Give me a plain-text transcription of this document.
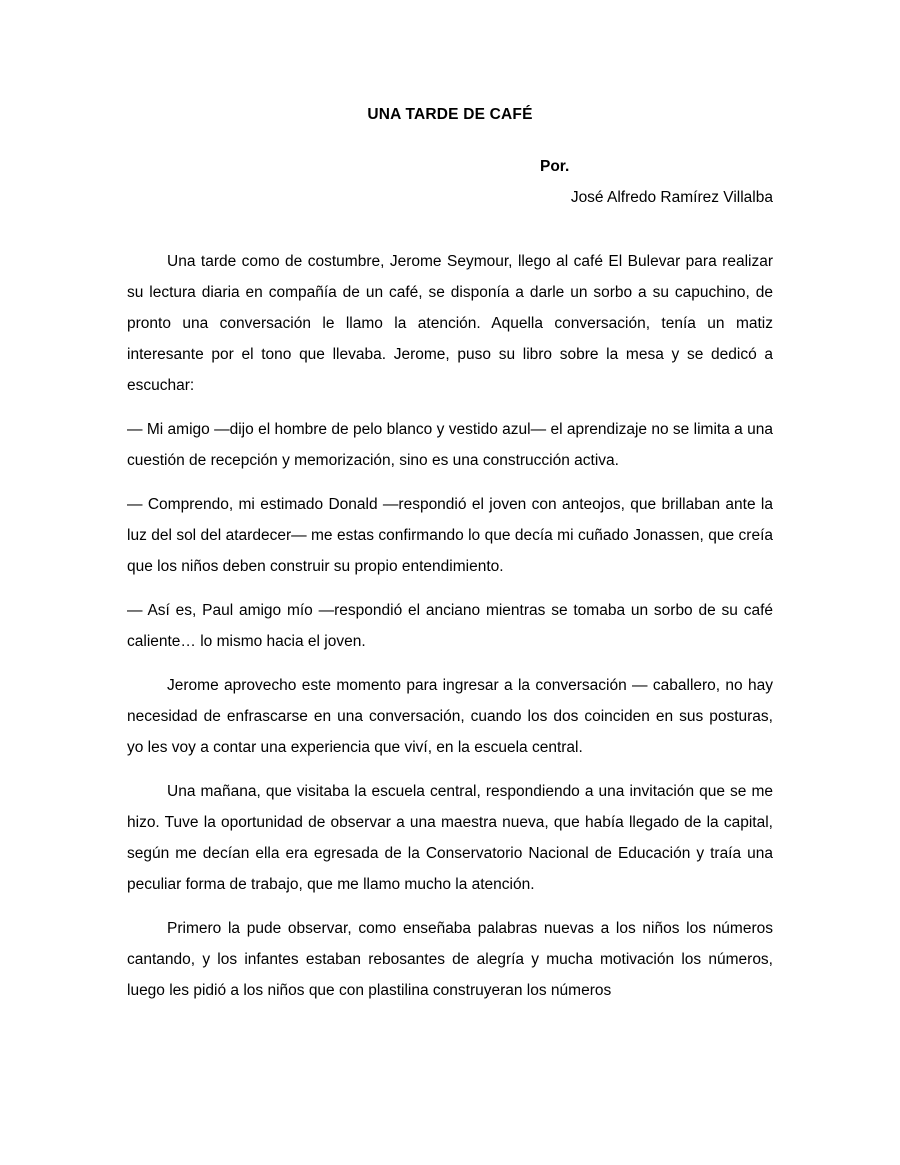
UNA TARDE DE CAFÉ

Por.

José Alfredo Ramírez Villalba

Una tarde como de costumbre, Jerome Seymour, llego al café El Bulevar para realizar su lectura diaria en compañía de un café, se disponía a darle un sorbo a su capuchino, de pronto una conversación le llamo la atención. Aquella conversación, tenía un matiz interesante por el tono que llevaba. Jerome, puso su libro sobre la mesa y se dedicó a escuchar:

— Mi amigo —dijo el hombre de pelo blanco y vestido azul— el aprendizaje no se limita a una cuestión de recepción y memorización, sino es una construcción activa.

— Comprendo, mi estimado Donald —respondió el joven con anteojos, que brillaban ante la luz del sol del atardecer— me estas confirmando lo que decía mi cuñado Jonassen, que creía que los niños deben construir su propio entendimiento.

— Así es, Paul amigo mío —respondió el anciano mientras se tomaba un sorbo de su café caliente… lo mismo hacia el joven.

Jerome aprovecho este momento para ingresar a la conversación — caballero, no hay necesidad de enfrascarse en una conversación, cuando los dos coinciden en sus posturas, yo les voy a contar una experiencia que viví, en la escuela central.

Una mañana, que visitaba la escuela central, respondiendo a una invitación que se me hizo. Tuve la oportunidad de observar a una maestra nueva, que había llegado de la capital, según me decían ella era egresada de la Conservatorio Nacional de Educación y traía una peculiar forma de trabajo, que me llamo mucho la atención.

Primero la pude observar, como enseñaba palabras nuevas a los niños los números cantando, y los infantes estaban rebosantes de alegría y mucha motivación los números, luego les pidió a los niños que con plastilina construyeran los números
